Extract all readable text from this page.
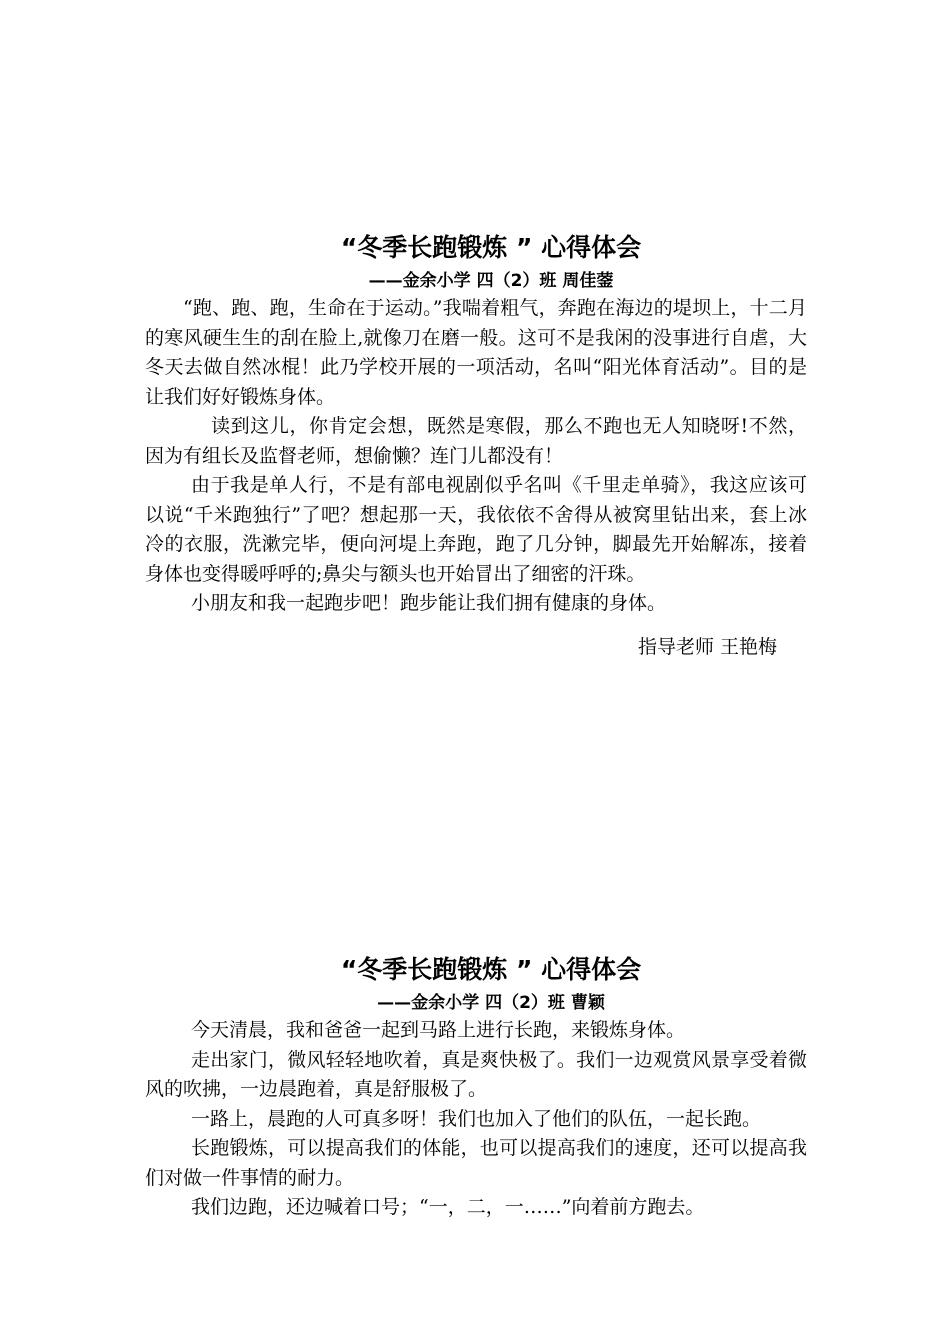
“冬季长跑锻炼 ” 心得体会

——金余小学 四（2）班 周佳蓥

“跑、跑、跑，生命在于运动。”我喘着粗气，奔跑在海边的堤坝上，十二月的寒风硬生生的刮在脸上,就像刀在磨一般。这可不是我闲的没事进行自虐，大冬天去做自然冰棍！此乃学校开展的一项活动，名叫“阳光体育活动”。目的是让我们好好锻炼身体。

读到这儿，你肯定会想，既然是寒假，那么不跑也无人知晓呀!不然，因为有组长及监督老师，想偷懒？连门儿都没有！

由于我是单人行，不是有部电视剧似乎名叫《千里走单骑》，我这应该可以说“千米跑独行”了吧？想起那一天，我依依不舍得从被窝里钻出来，套上冰冷的衣服，洗漱完毕，便向河堤上奔跑，跑了几分钟，脚最先开始解冻，接着身体也变得暖呼呼的;鼻尖与额头也开始冒出了细密的汗珠。

小朋友和我一起跑步吧！跑步能让我们拥有健康的身体。

指导老师 王艳梅

“冬季长跑锻炼 ” 心得体会

——金余小学 四（2）班 曹颖

今天清晨，我和爸爸一起到马路上进行长跑，来锻炼身体。

走出家门，微风轻轻地吹着，真是爽快极了。我们一边观赏风景享受着微风的吹拂，一边晨跑着，真是舒服极了。

一路上，晨跑的人可真多呀！我们也加入了他们的队伍，一起长跑。

长跑锻炼，可以提高我们的体能，也可以提高我们的速度，还可以提高我们对做一件事情的耐力。

我们边跑，还边喊着口号；“一，二，一……”向着前方跑去。
